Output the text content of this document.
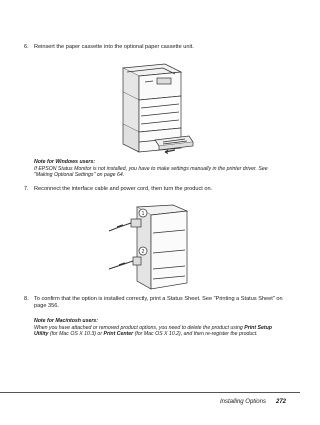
6. Reinsert the paper cassette into the optional paper cassette unit.
Note for Windows users:
If EPSON Status Monitor is not installed, you have to make settings manually in the printer driver. See "Making Optional Settings" on page 64.
7. Reconnect the interface cable and power cord, then turn the product on.
1
2
8. To confirm that the option is installed correctly, print a Status Sheet. See "Printing a Status Sheet" on page 356.
Note for Macintosh users:
When you have attached or removed product options, you need to delete the product using Print Setup Utility (for Mac OS X 10.3) or Print Center (for Mac OS X 10.2), and then re-register the product.
Installing Options 272
